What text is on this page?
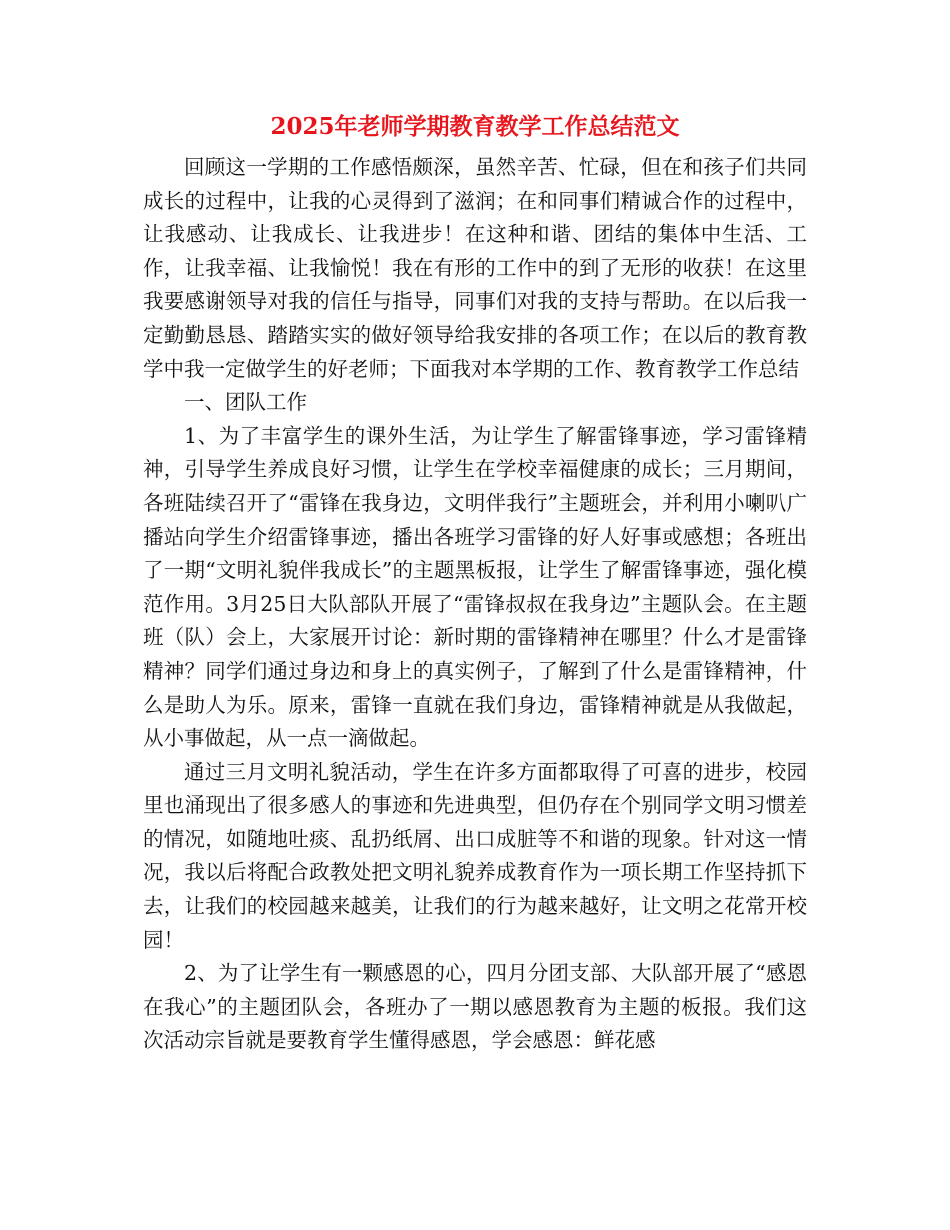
2025年老师学期教育教学工作总结范文

回顾这一学期的工作感悟颇深，虽然辛苦、忙碌，但在和孩子们共同成长的过程中，让我的心灵得到了滋润；在和同事们精诚合作的过程中，让我感动、让我成长、让我进步！在这种和谐、团结的集体中生活、工作，让我幸福、让我愉悦！我在有形的工作中的到了无形的收获！在这里我要感谢领导对我的信任与指导，同事们对我的支持与帮助。在以后我一定勤勤恳恳、踏踏实实的做好领导给我安排的各项工作；在以后的教育教学中我一定做学生的好老师；下面我对本学期的工作、教育教学工作总结

一、团队工作

1、为了丰富学生的课外生活，为让学生了解雷锋事迹，学习雷锋精神，引导学生养成良好习惯，让学生在学校幸福健康的成长；三月期间，各班陆续召开了“雷锋在我身边，文明伴我行”主题班会，并利用小喇叭广播站向学生介绍雷锋事迹，播出各班学习雷锋的好人好事或感想；各班出了一期“文明礼貌伴我成长”的主题黑板报，让学生了解雷锋事迹，强化模范作用。3月25日大队部队开展了“雷锋叔叔在我身边”主题队会。在主题班（队）会上，大家展开讨论：新时期的雷锋精神在哪里？什么才是雷锋精神？同学们通过身边和身上的真实例子，了解到了什么是雷锋精神，什么是助人为乐。原来，雷锋一直就在我们身边，雷锋精神就是从我做起，从小事做起，从一点一滴做起。

通过三月文明礼貌活动，学生在许多方面都取得了可喜的进步，校园里也涌现出了很多感人的事迹和先进典型，但仍存在个别同学文明习惯差的情况，如随地吐痰、乱扔纸屑、出口成脏等不和谐的现象。针对这一情况，我以后将配合政教处把文明礼貌养成教育作为一项长期工作坚持抓下去，让我们的校园越来越美，让我们的行为越来越好，让文明之花常开校园！

2、为了让学生有一颗感恩的心，四月分团支部、大队部开展了“感恩在我心”的主题团队会，各班办了一期以感恩教育为主题的板报。我们这次活动宗旨就是要教育学生懂得感恩，学会感恩：鲜花感
